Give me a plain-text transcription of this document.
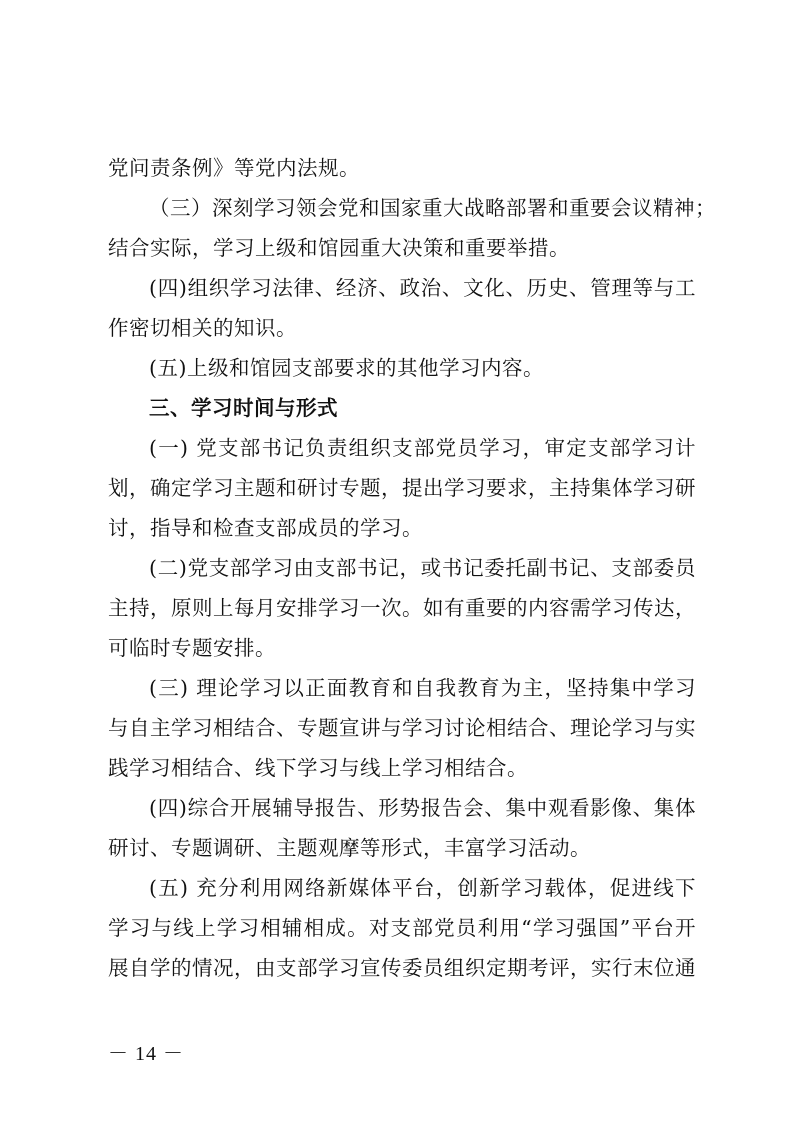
党问责条例》等党内法规。
（三）深刻学习领会党和国家重大战略部署和重要会议精神；
结合实际，学习上级和馆园重大决策和重要举措。
(四)组织学习法律、经济、政治、文化、历史、管理等与工
作密切相关的知识。
(五)上级和馆园支部要求的其他学习内容。
三、学习时间与形式
(一) 党支部书记负责组织支部党员学习，审定支部学习计
划，确定学习主题和研讨专题，提出学习要求，主持集体学习研
讨，指导和检查支部成员的学习。
(二)党支部学习由支部书记，或书记委托副书记、支部委员
主持，原则上每月安排学习一次。如有重要的内容需学习传达，
可临时专题安排。
(三) 理论学习以正面教育和自我教育为主，坚持集中学习
与自主学习相结合、专题宣讲与学习讨论相结合、理论学习与实
践学习相结合、线下学习与线上学习相结合。
(四)综合开展辅导报告、形势报告会、集中观看影像、集体
研讨、专题调研、主题观摩等形式，丰富学习活动。
(五) 充分利用网络新媒体平台，创新学习载体，促进线下
学习与线上学习相辅相成。对支部党员利用“学习强国”平台开
展自学的情况，由支部学习宣传委员组织定期考评，实行末位通
－ 14 －
